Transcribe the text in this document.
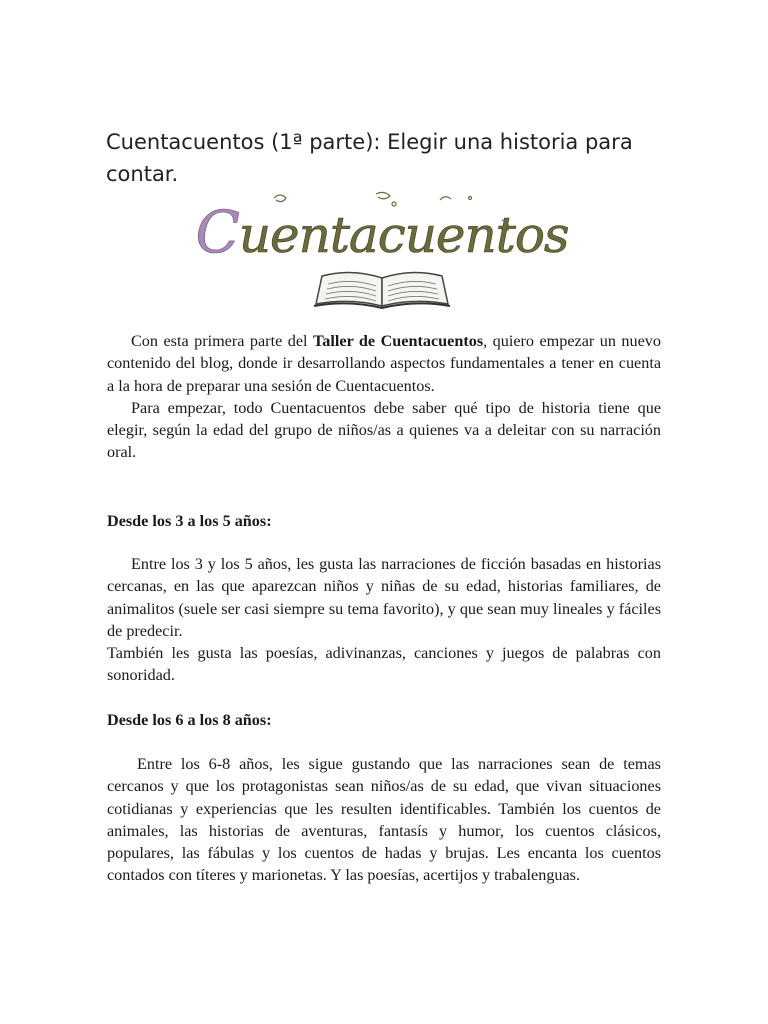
Cuentacuentos (1ª parte): Elegir una historia para contar.
Cuentacuentos

Con esta primera parte del Taller de Cuentacuentos, quiero empezar un nuevo contenido del blog, donde ir desarrollando aspectos fundamentales a tener en cuenta a la hora de preparar una sesión de Cuentacuentos.

Para empezar, todo Cuentacuentos debe saber qué tipo de historia tiene que elegir, según la edad del grupo de niños/as a quienes va a deleitar con su narración oral.

Desde los 3 a los 5 años:

Entre los 3 y los 5 años, les gusta las narraciones de ficción basadas en historias cercanas, en las que aparezcan niños y niñas de su edad, historias familiares, de animalitos (suele ser casi siempre su tema favorito), y que sean muy lineales y fáciles de predecir.

También les gusta las poesías, adivinanzas, canciones y juegos de palabras con sonoridad.

Desde los 6 a los 8 años:

Entre los 6-8 años, les sigue gustando que las narraciones sean de temas cercanos y que los protagonistas sean niños/as de su edad, que vivan situaciones cotidianas y experiencias que les resulten identificables. También los cuentos de animales, las historias de aventuras, fantasís y humor, los cuentos clásicos, populares, las fábulas y los cuentos de hadas y brujas. Les encanta los cuentos contados con títeres y marionetas. Y las poesías, acertijos y trabalenguas.
